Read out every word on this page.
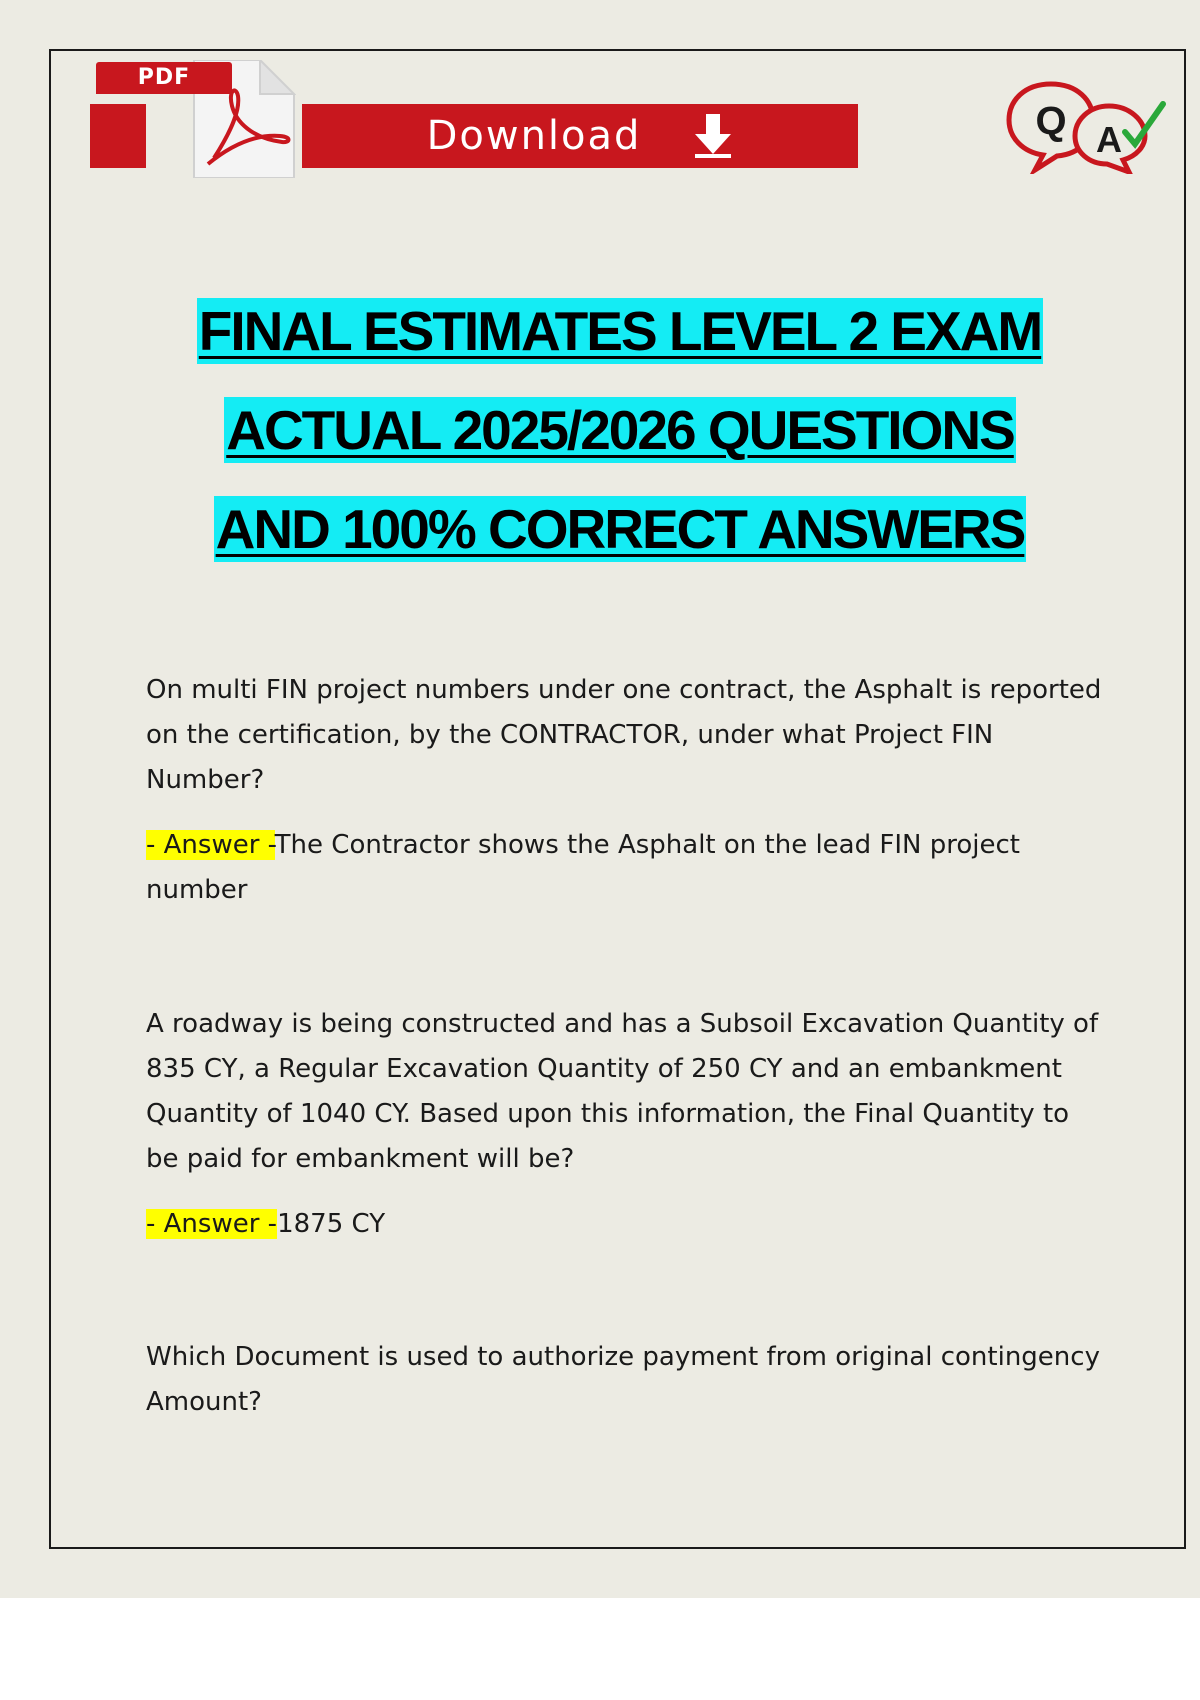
PDF
Download	Q A
FINAL ESTIMATES LEVEL 2 EXAM
ACTUAL 2025/2026 QUESTIONS
AND 100% CORRECT ANSWERS

On multi FIN project numbers under one contract, the Asphalt is reported on the certification, by the CONTRACTOR, under what Project FIN Number?

- Answer -The Contractor shows the Asphalt on the lead FIN project number

A roadway is being constructed and has a Subsoil Excavation Quantity of 835 CY, a Regular Excavation Quantity of 250 CY and an embankment Quantity of 1040 CY. Based upon this information, the Final Quantity to be paid for embankment will be?

- Answer -1875 CY

Which Document is used to authorize payment from original contingency Amount?
